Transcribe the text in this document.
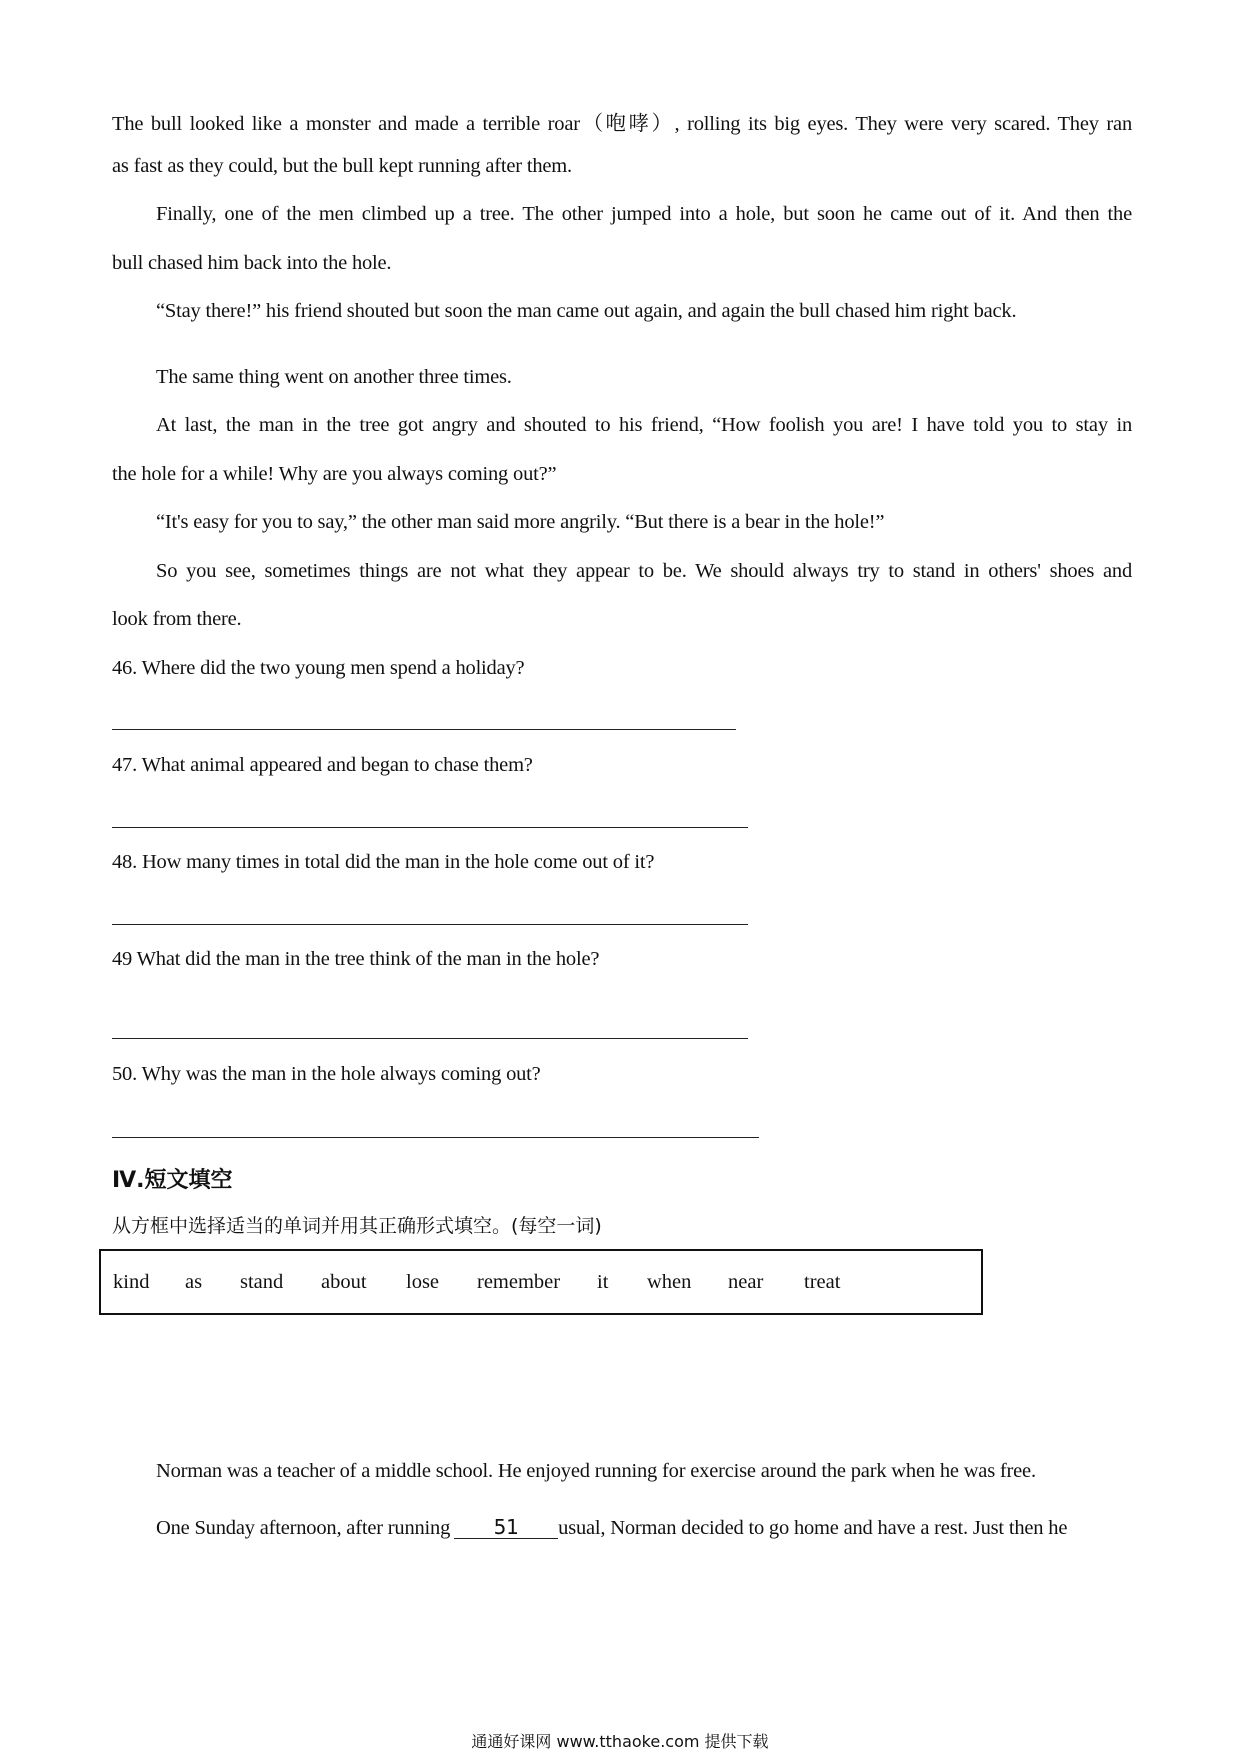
The bull looked like a monster and made a terrible roar（咆哮）, rolling its big eyes. They were very scared. They ran
as fast as they could, but the bull kept running after them.
Finally, one of the men climbed up a tree. The other jumped into a hole, but soon he came out of it. And then the
bull chased him back into the hole.
“Stay there!” his friend shouted but soon the man came out again, and again the bull chased him right back.
The same thing went on another three times.
At last, the man in the tree got angry and shouted to his friend, “How foolish you are! I have told you to stay in
the hole for a while! Why are you always coming out?”
“It's easy for you to say,” the other man said more angrily. “But there is a bear in the hole!”
So you see, sometimes things are not what they appear to be. We should always try to stand in others' shoes and
look from there.
46. Where did the two young men spend a holiday?
47. What animal appeared and began to chase them?
48. How many times in total did the man in the hole come out of it?
49 What did the man in the tree think of the man in the hole?
50. Why was the man in the hole always coming out?
Ⅳ.短文填空
从方框中选择适当的单词并用其正确形式填空。(每空一词)
kind as stand about lose remember it when near treat
Norman was a teacher of a middle school. He enjoyed running for exercise around the park when he was free.
One Sunday afternoon, after running 51 usual, Norman decided to go home and have a rest. Just then he
通通好课网 www.tthaoke.com 提供下载
